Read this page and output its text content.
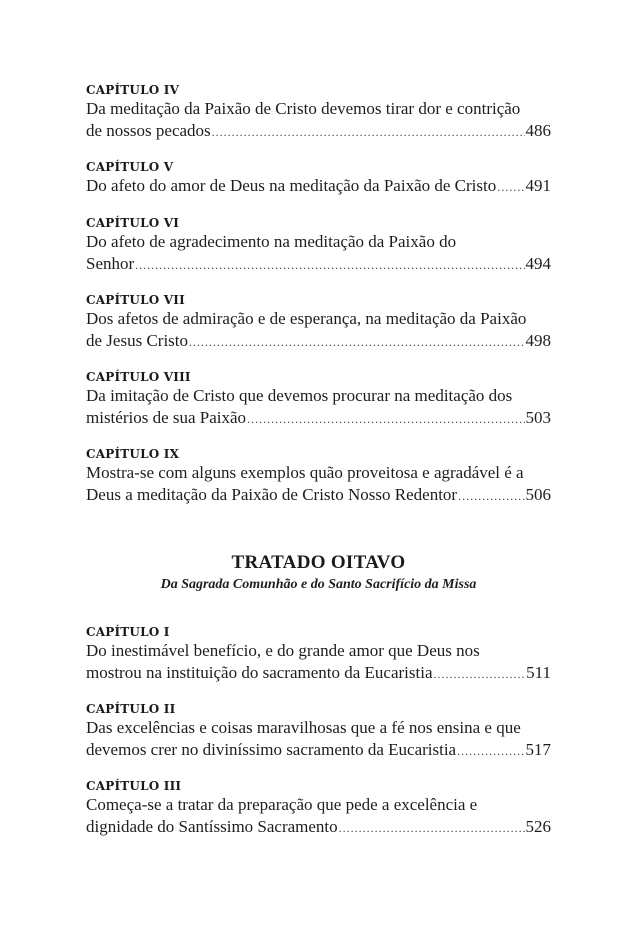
CAPÍTULO IV
Da meditação da Paixão de Cristo devemos tirar dor e contrição
de nossos pecados .....	486
CAPÍTULO V
Do afeto do amor de Deus na meditação da Paixão de Cristo ..... 491
CAPÍTULO VI
Do afeto de agradecimento na meditação da Paixão do
Senhor .....	494
CAPÍTULO VII
Dos afetos de admiração e de esperança, na meditação da Paixão
de Jesus Cristo .....	498
CAPÍTULO VIII
Da imitação de Cristo que devemos procurar na meditação dos
mistérios de sua Paixão .....	503
CAPÍTULO IX
Mostra-se com alguns exemplos quão proveitosa e agradável é a
Deus a meditação da Paixão de Cristo Nosso Redentor .....	506
TRATADO OITAVO
Da Sagrada Comunhão e do Santo Sacrifício da Missa
CAPÍTULO I
Do inestimável benefício, e do grande amor que Deus nos
mostrou na instituição do sacramento da Eucaristia .....	511
CAPÍTULO II
Das excelências e coisas maravilhosas que a fé nos ensina e que
devemos crer no diviníssimo sacramento da Eucaristia .....	517
CAPÍTULO III
Começa-se a tratar da preparação que pede a excelência e
dignidade do Santíssimo Sacramento .....	526
